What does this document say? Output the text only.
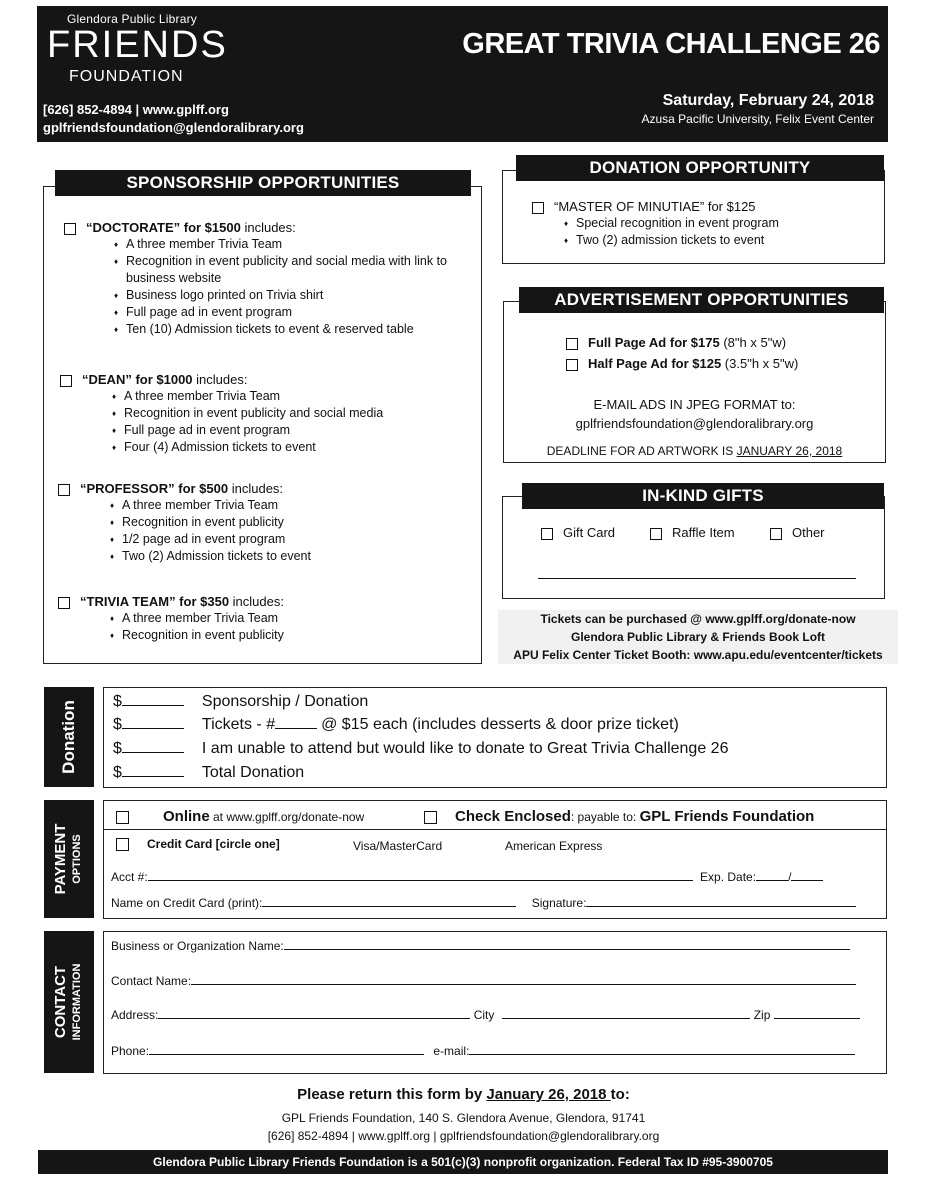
Glendora Public Library
FRIENDS
FOUNDATION
[626] 852-4894 | www.gplff.org
gplfriendsfoundation@glendoralibrary.org
GREAT TRIVIA CHALLENGE 26
Saturday, February 24, 2018
Azusa Pacific University, Felix Event Center
SPONSORSHIP OPPORTUNITIES
“DOCTORATE” for $1500 includes:
♦ A three member Trivia Team
♦ Recognition in event publicity and social media with link to business website
♦ Business logo printed on Trivia shirt
♦ Full page ad in event program
♦ Ten (10) Admission tickets to event & reserved table
“DEAN” for $1000 includes:
♦ A three member Trivia Team
♦ Recognition in event publicity and social media
♦ Full page ad in event program
♦ Four (4) Admission tickets to event
“PROFESSOR” for $500 includes:
♦ A three member Trivia Team
♦ Recognition in event publicity
♦ 1/2 page ad in event program
♦ Two (2) Admission tickets to event
“TRIVIA TEAM” for $350 includes:
♦ A three member Trivia Team
♦ Recognition in event publicity
DONATION OPPORTUNITY
“MASTER OF MINUTIAE” for $125
♦ Special recognition in event program
♦ Two (2) admission tickets to event
ADVERTISEMENT OPPORTUNITIES
Full Page Ad for $175 (8"h x 5"w)
Half Page Ad for $125 (3.5"h x 5"w)
E-MAIL ADS IN JPEG FORMAT to:
gplfriendsfoundation@glendoralibrary.org
DEADLINE FOR AD ARTWORK IS JANUARY 26, 2018
IN-KIND GIFTS
Gift Card	Raffle Item	Other
Tickets can be purchased @ www.gplff.org/donate-now
Glendora Public Library & Friends Book Loft
APU Felix Center Ticket Booth: www.apu.edu/eventcenter/tickets
Donation $	Sponsorship / Donation
$	Tickets - #	@ $15 each (includes desserts & door prize ticket)
$	I am unable to attend but would like to donate to Great Trivia Challenge 26
$	Total Donation
PAYMENT OPTIONS
Online at www.gplff.org/donate-now	Check Enclosed: payable to: GPL Friends Foundation
Credit Card [circle one]	Visa/MasterCard	American Express
Acct #:	Exp. Date:	/
Name on Credit Card (print):	Signature:
CONTACT INFORMATION
Business or Organization Name:
Contact Name:
Address:	City	Zip
Phone:	e-mail:
Please return this form by January 26, 2018 to:
GPL Friends Foundation, 140 S. Glendora Avenue, Glendora, 91741
[626] 852-4894 | www.gplff.org | gplfriendsfoundation@glendoralibrary.org
Glendora Public Library Friends Foundation is a 501(c)(3) nonprofit organization. Federal Tax ID #95-3900705
